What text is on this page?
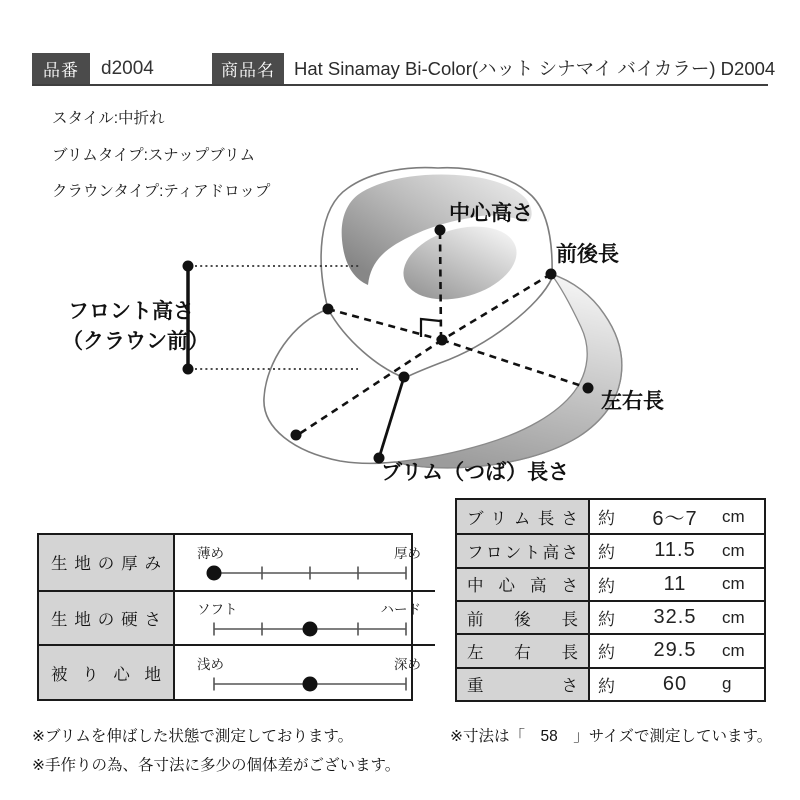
品番	d2004	商品名	Hat Sinamay Bi-Color(ハット シナマイ バイカラー) D2004
スタイル:中折れ
ブリムタイプ:スナップブリム
クラウンタイプ:ティアドロップ
中心高さ
前後長
左右長
ブリム（つば）長さ
フロント高さ
（クラウン前）
生地の厚み
薄め	厚め
生地の硬さ
ソフト	ハード
被り心地
浅め	深め
ブリム長さ 約	6〜7	cm
フロント高さ 約	11.5	cm
中心高さ 約	11	cm
前後長 約	32.5	cm
左右長 約	29.5	cm
重さ 約	60	g
※ブリムを伸ばした状態で測定しております。
※手作りの為、各寸法に多少の個体差がございます。
※寸法は「　58　」サイズで測定しています。
